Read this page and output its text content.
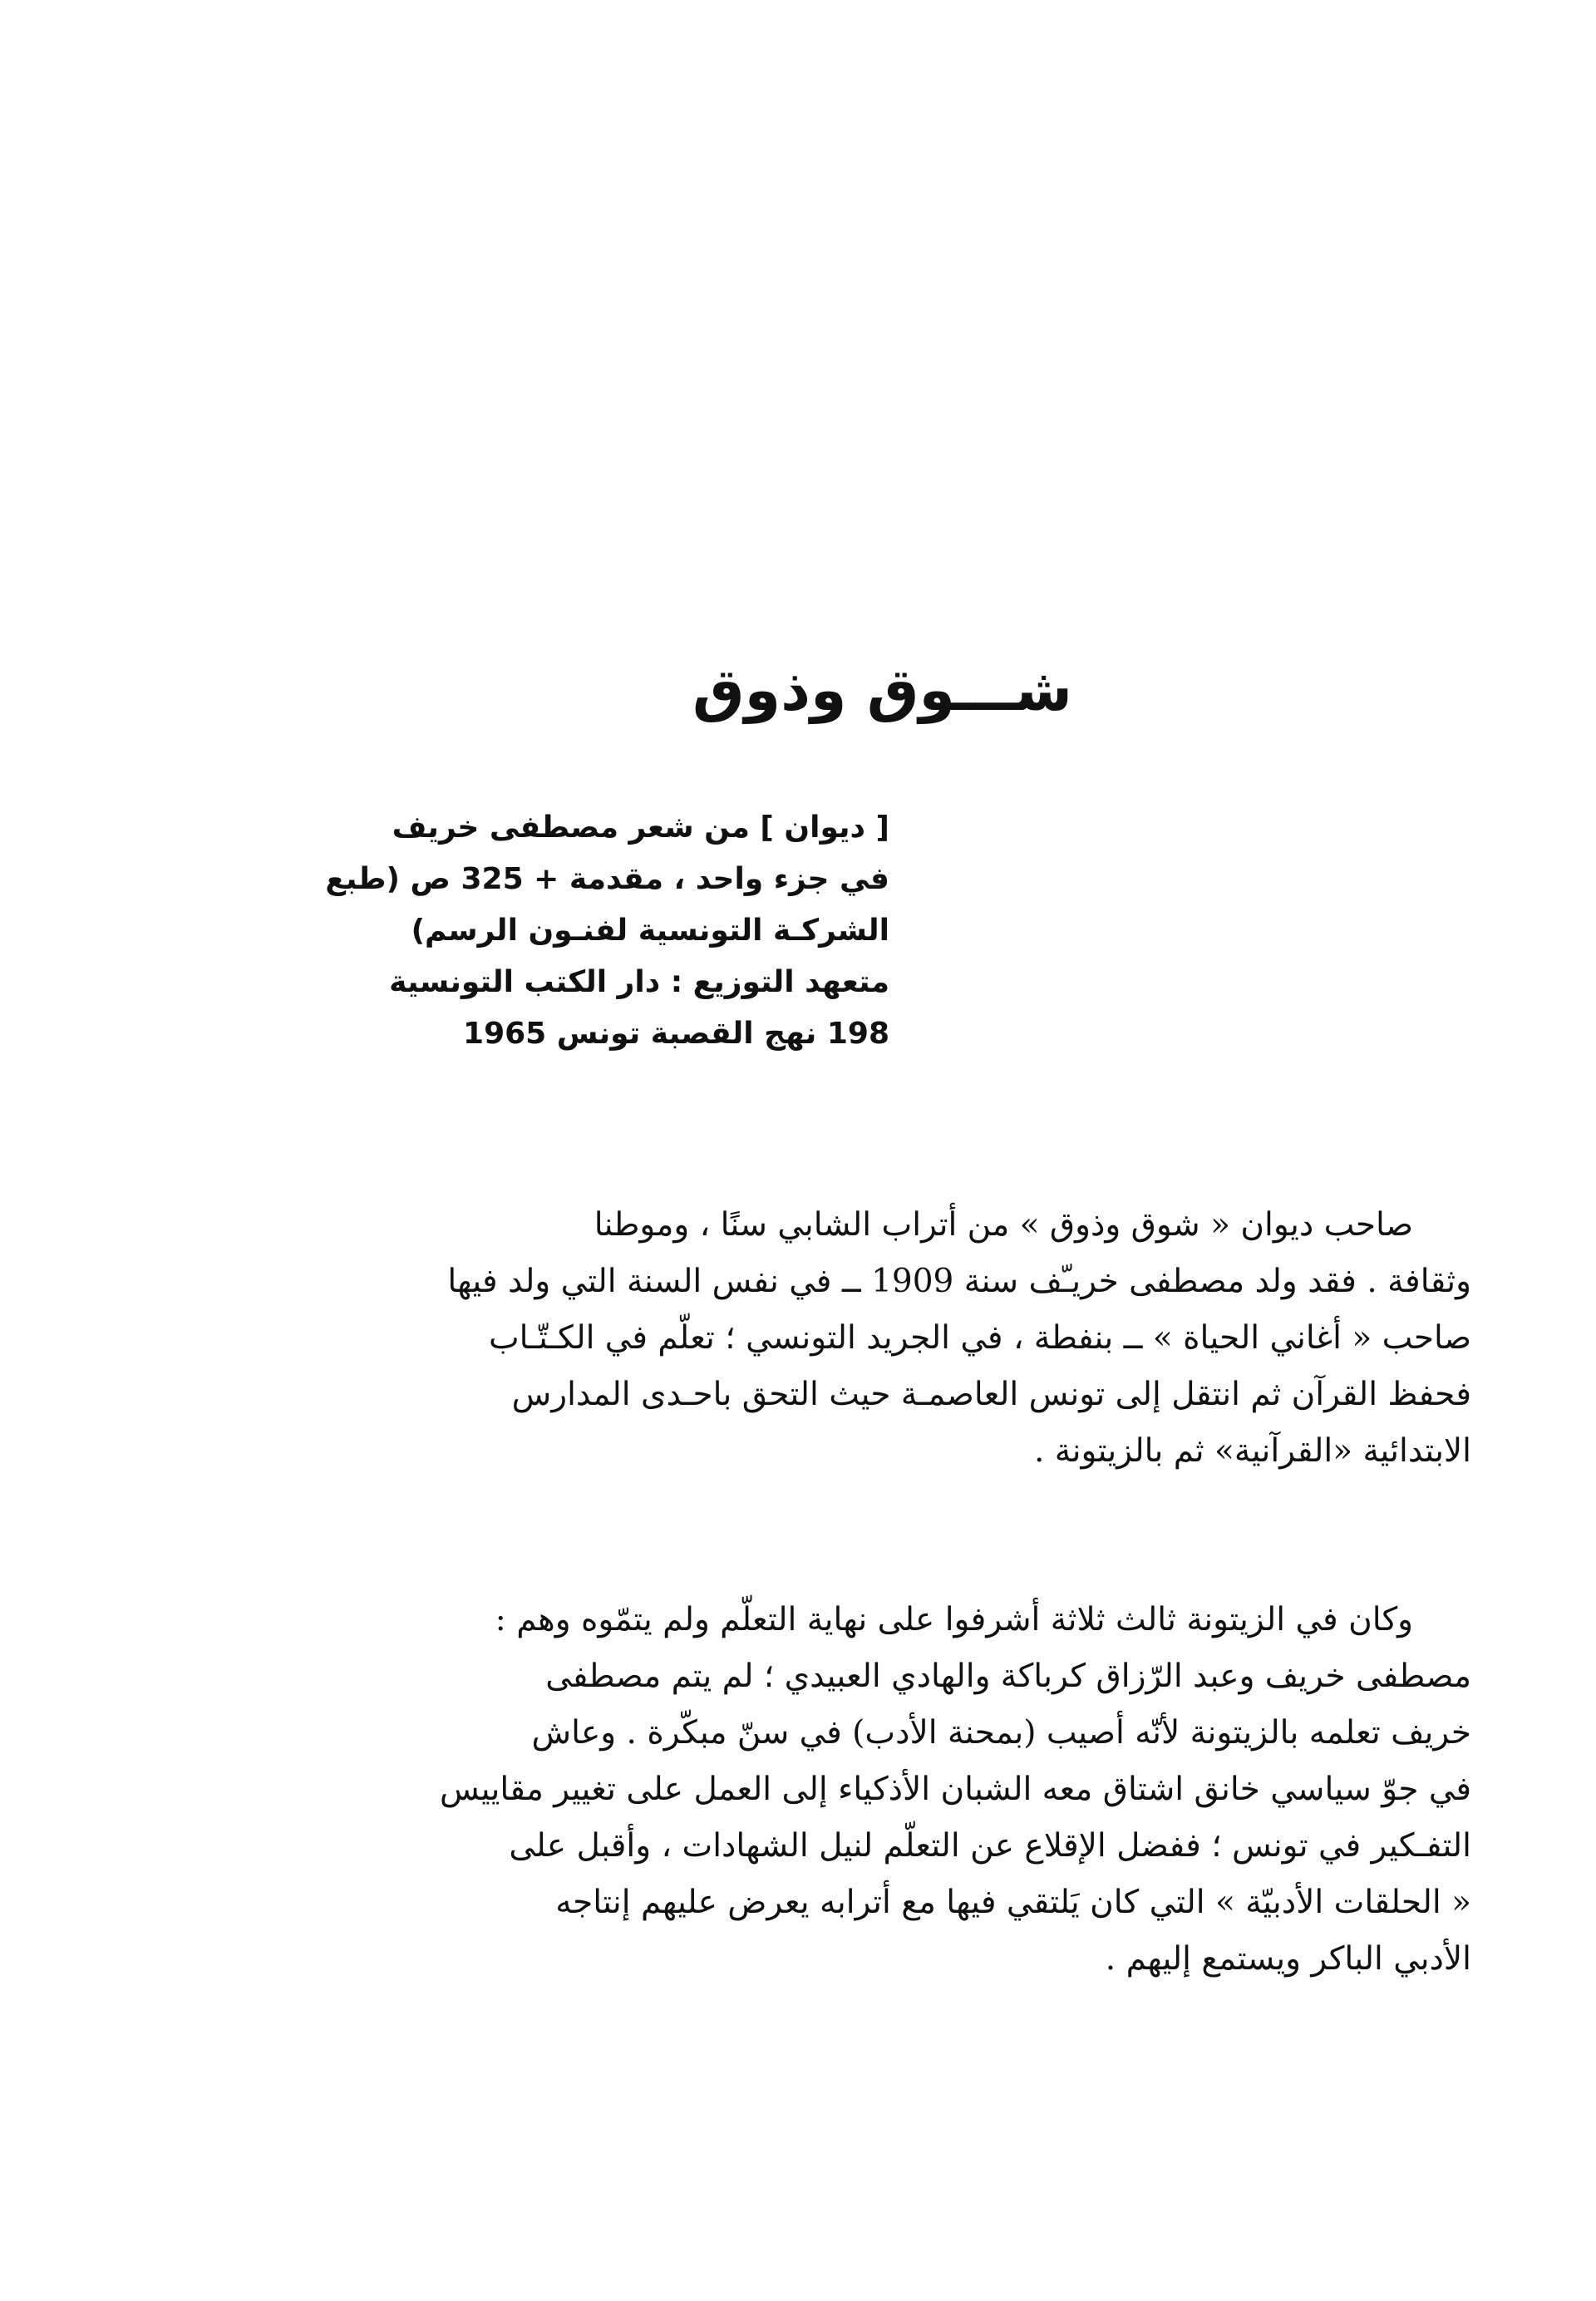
شـــوق وذوق
[ ديوان ] من شعر مصطفى خريف
في جزء واحد ، مقدمة + 325 ص (طبع
الشركـة التونسية لفنـون الرسم)
متعهد التوزيع : دار الكتب التونسية
198 نهج القصبة تونس 1965
صاحب ديوان « شوق وذوق » من أتراب الشابي سنًا ، وموطنا
وثقافة . فقد ولد مصطفى خريـّف سنة 1909 ــ في نفس السنة التي ولد فيها
صاحب « أغاني الحياة » ــ بنفطة ، في الجريد التونسي ؛ تعلّم في الكـتّـاب
فحفظ القرآن ثم انتقل إلى تونس العاصمـة حيث التحق باحـدى المدارس
الابتدائية «القرآنية» ثم بالزيتونة .
وكان في الزيتونة ثالث ثلاثة أشرفوا على نهاية التعلّم ولم يتمّوه وهم :
مصطفى خريف وعبد الرّزاق كرباكة والهادي العبيدي ؛ لم يتم مصطفى
خريف تعلمه بالزيتونة لأنّه أصيب (بمحنة الأدب) في سنّ مبكّرة . وعاش
في جوّ سياسي خانق اشتاق معه الشبان الأذكياء إلى العمل على تغيير مقاييس
التفـكير في تونس ؛ ففضل الإقلاع عن التعلّم لنيل الشهادات ، وأقبل على
« الحلقات الأدبيّة » التي كان يَلتقي فيها مع أترابه يعرض عليهم إنتاجه
الأدبي الباكر ويستمع إليهم .
